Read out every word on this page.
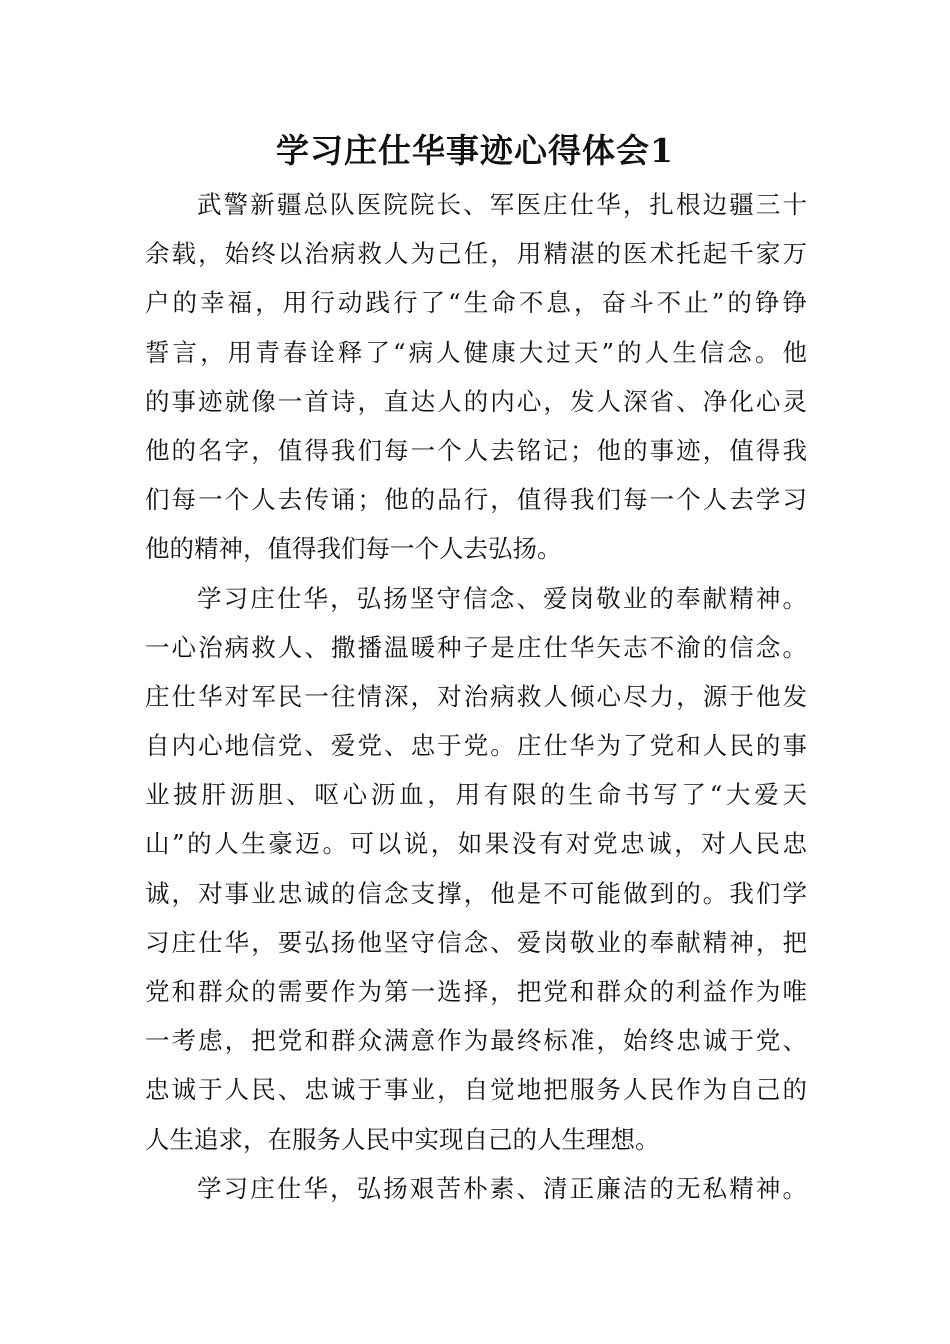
学习庄仕华事迹心得体会1
武警新疆总队医院院长、军医庄仕华，扎根边疆三十
余载，始终以治病救人为己任，用精湛的医术托起千家万
户的幸福，用行动践行了“生命不息，奋斗不止”的铮铮
誓言，用青春诠释了“病人健康大过天”的人生信念。他
的事迹就像一首诗，直达人的内心，发人深省、净化心灵
他的名字，值得我们每一个人去铭记；他的事迹，值得我
们每一个人去传诵；他的品行，值得我们每一个人去学习
他的精神，值得我们每一个人去弘扬。
学习庄仕华，弘扬坚守信念、爱岗敬业的奉献精神。
一心治病救人、撒播温暖种子是庄仕华矢志不渝的信念。
庄仕华对军民一往情深，对治病救人倾心尽力，源于他发
自内心地信党、爱党、忠于党。庄仕华为了党和人民的事
业披肝沥胆、呕心沥血，用有限的生命书写了“大爱天
山”的人生豪迈。可以说，如果没有对党忠诚，对人民忠
诚，对事业忠诚的信念支撑，他是不可能做到的。我们学
习庄仕华，要弘扬他坚守信念、爱岗敬业的奉献精神，把
党和群众的需要作为第一选择，把党和群众的利益作为唯
一考虑，把党和群众满意作为最终标准，始终忠诚于党、
忠诚于人民、忠诚于事业，自觉地把服务人民作为自己的
人生追求，在服务人民中实现自己的人生理想。
学习庄仕华，弘扬艰苦朴素、清正廉洁的无私精神。
